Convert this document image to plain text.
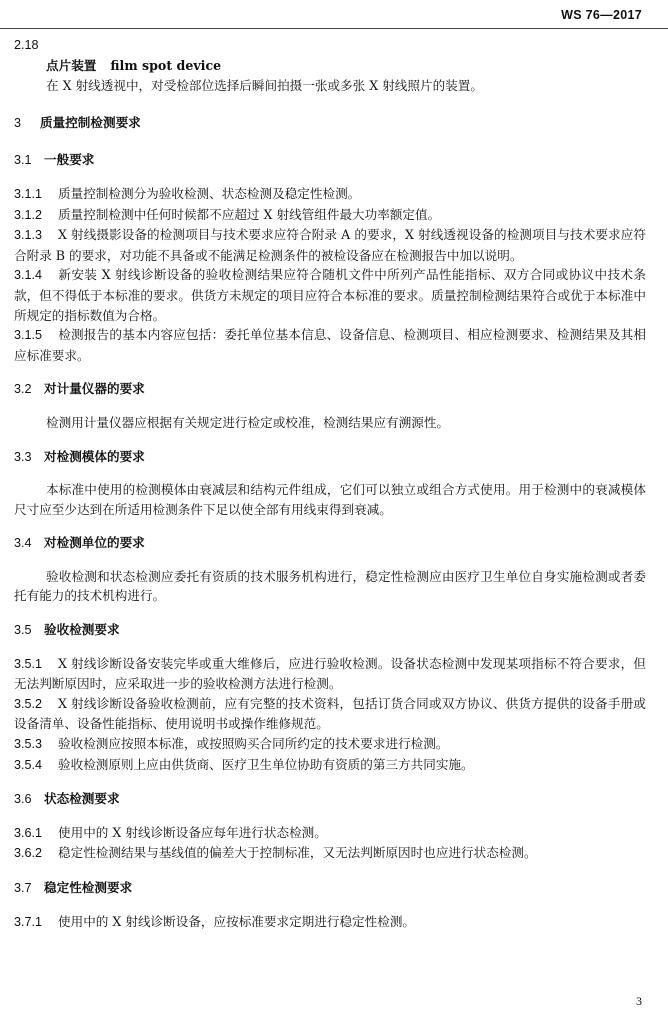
WS 76—2017

2.18

点片装置 film spot device

在 X 射线透视中，对受检部位选择后瞬间拍摄一张或多张 X 射线照片的装置。

3 质量控制检测要求

3.1 一般要求

3.1.1 质量控制检测分为验收检测、状态检测及稳定性检测。

3.1.2 质量控制检测中任何时候都不应超过 X 射线管组件最大功率额定值。

3.1.3 X 射线摄影设备的检测项目与技术要求应符合附录 A 的要求，X 射线透视设备的检测项目与技术要求应符合附录 B 的要求，对功能不具备或不能满足检测条件的被检设备应在检测报告中加以说明。

3.1.4 新安装 X 射线诊断设备的验收检测结果应符合随机文件中所列产品性能指标、双方合同或协议中技术条款，但不得低于本标准的要求。供货方未规定的项目应符合本标准的要求。质量控制检测结果符合或优于本标准中所规定的指标数值为合格。

3.1.5 检测报告的基本内容应包括：委托单位基本信息、设备信息、检测项目、相应检测要求、检测结果及其相应标准要求。

3.2 对计量仪器的要求

检测用计量仪器应根据有关规定进行检定或校准，检测结果应有溯源性。

3.3 对检测模体的要求

本标准中使用的检测模体由衰减层和结构元件组成，它们可以独立或组合方式使用。用于检测中的衰减模体尺寸应至少达到在所适用检测条件下足以使全部有用线束得到衰减。

3.4 对检测单位的要求

验收检测和状态检测应委托有资质的技术服务机构进行，稳定性检测应由医疗卫生单位自身实施检测或者委托有能力的技术机构进行。

3.5 验收检测要求

3.5.1 X 射线诊断设备安装完毕或重大维修后，应进行验收检测。设备状态检测中发现某项指标不符合要求，但无法判断原因时，应采取进一步的验收检测方法进行检测。

3.5.2 X 射线诊断设备验收检测前，应有完整的技术资料，包括订货合同或双方协议、供货方提供的设备手册或设备清单、设备性能指标、使用说明书或操作维修规范。

3.5.3 验收检测应按照本标准，或按照购买合同所约定的技术要求进行检测。

3.5.4 验收检测原则上应由供货商、医疗卫生单位协助有资质的第三方共同实施。

3.6 状态检测要求

3.6.1 使用中的 X 射线诊断设备应每年进行状态检测。

3.6.2 稳定性检测结果与基线值的偏差大于控制标准，又无法判断原因时也应进行状态检测。

3.7 稳定性检测要求

3.7.1 使用中的 X 射线诊断设备，应按标准要求定期进行稳定性检测。

3
